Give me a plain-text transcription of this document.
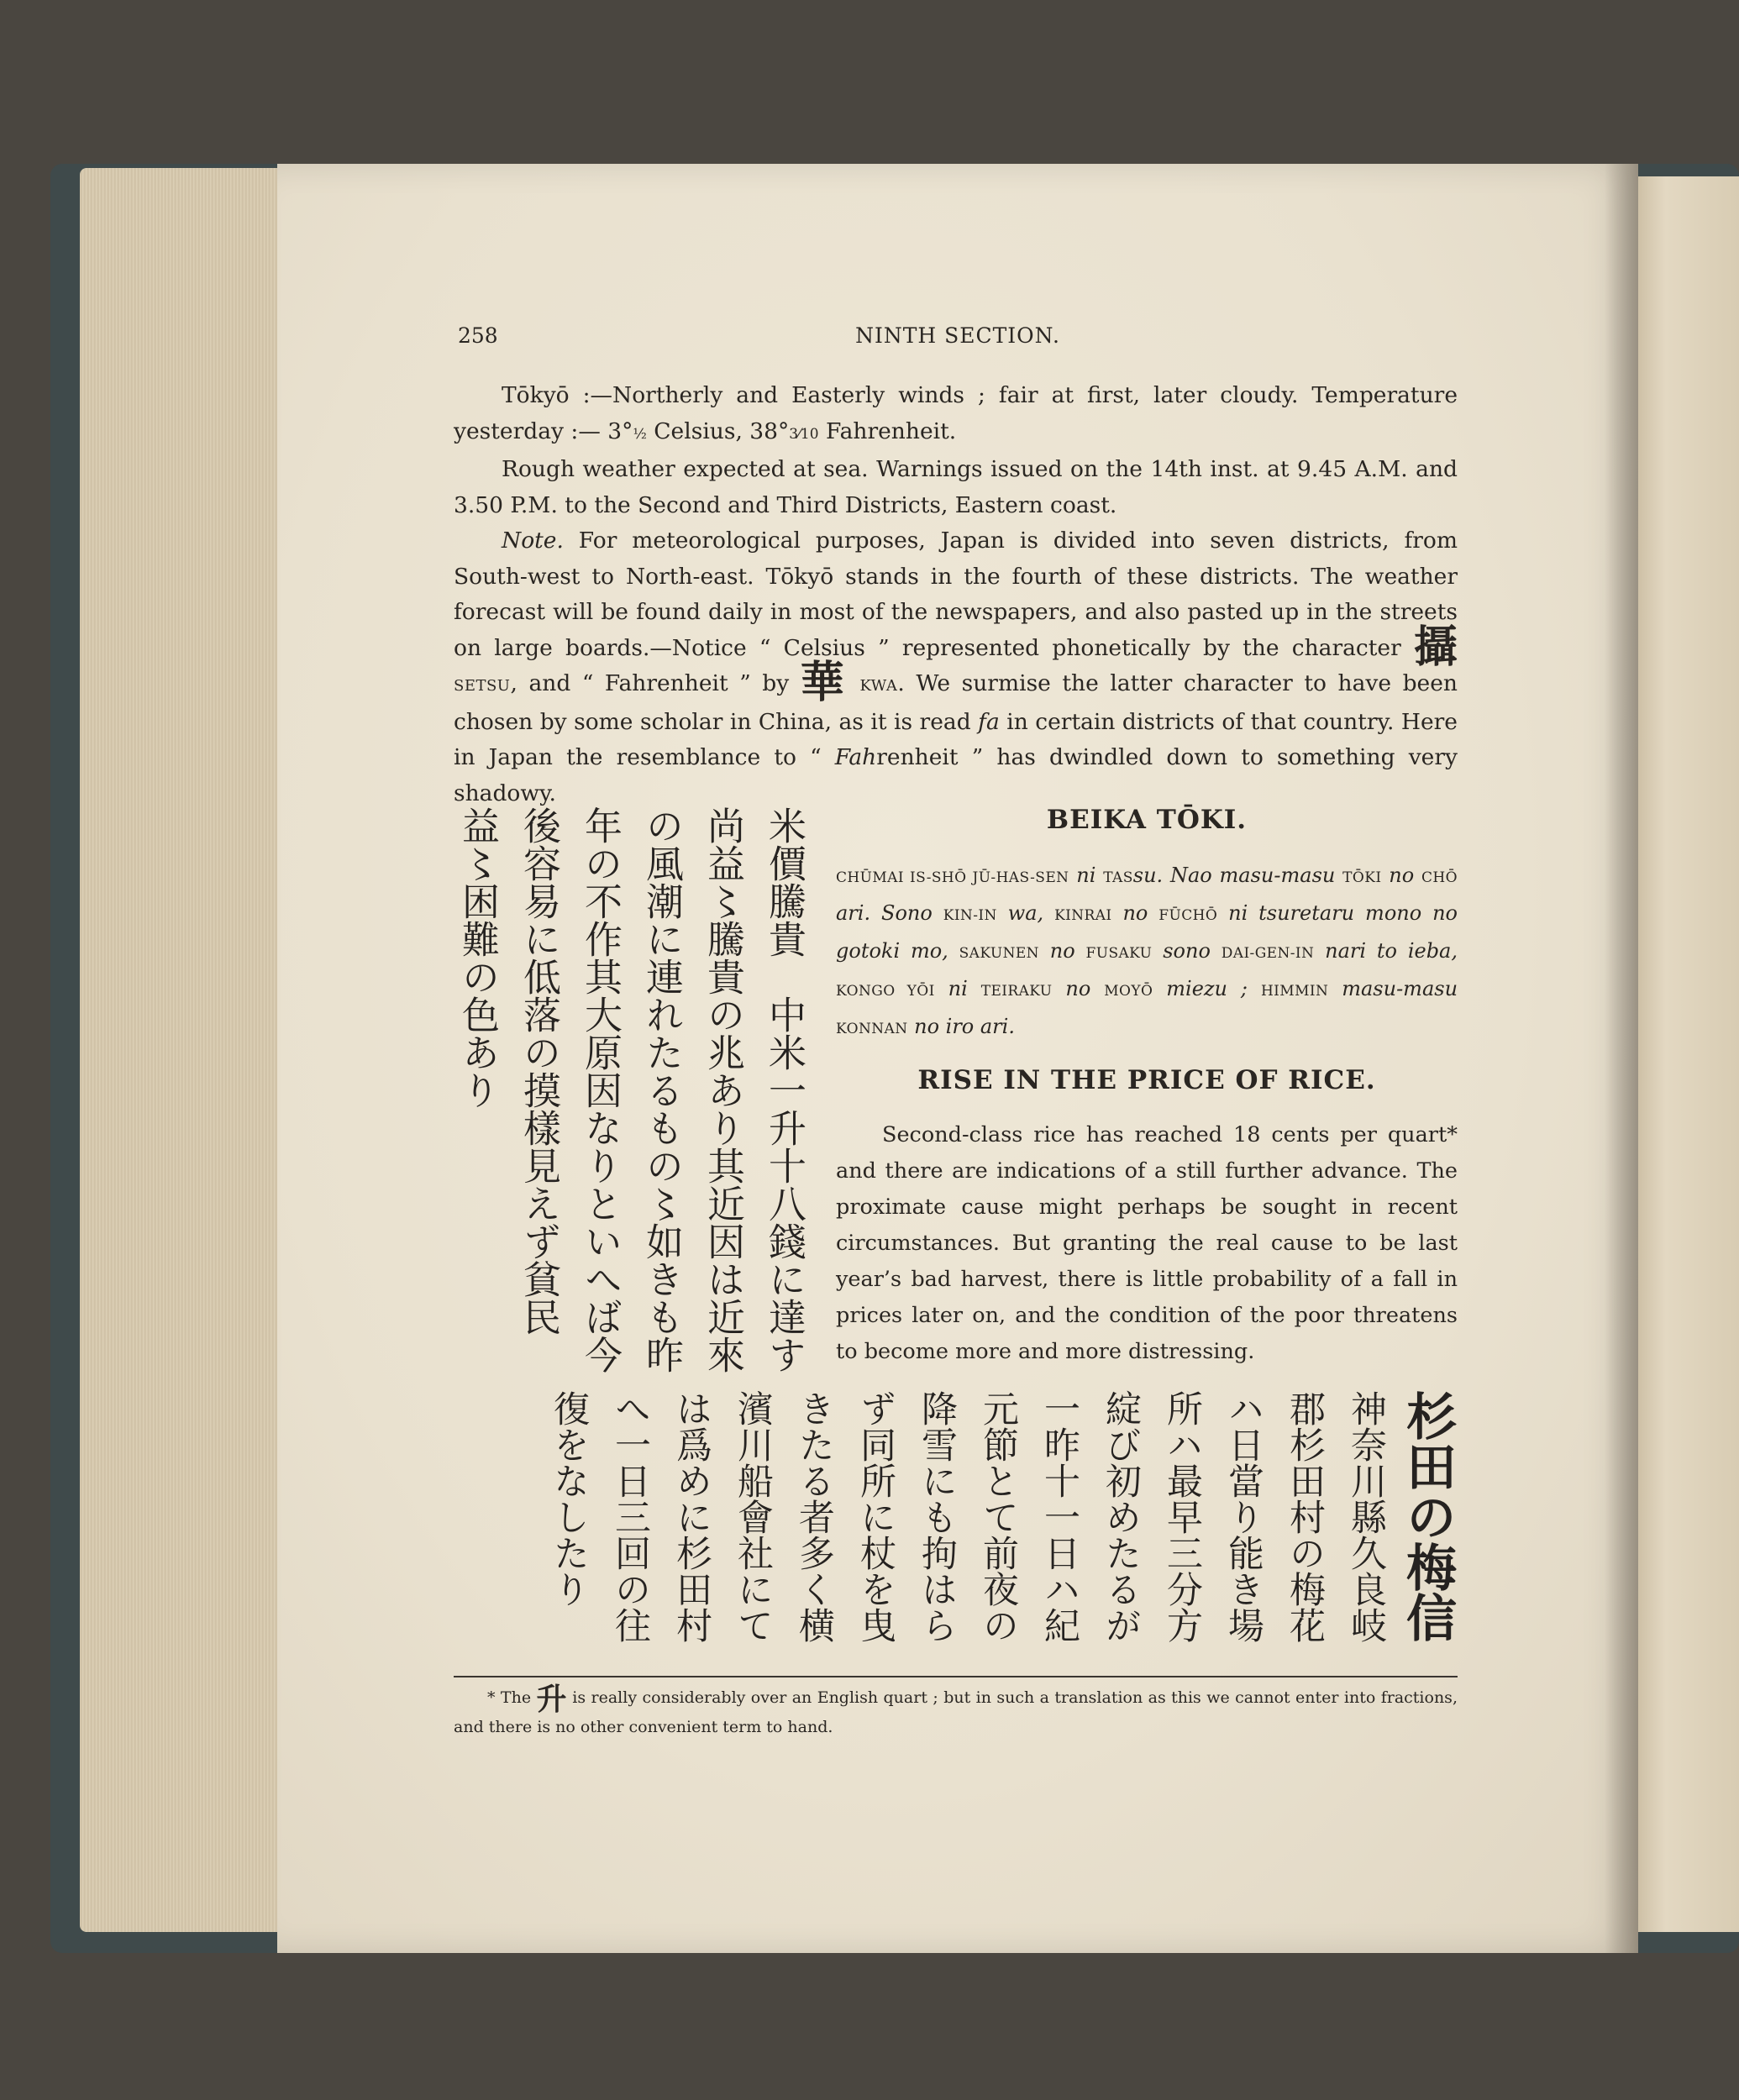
258	NINTH SECTION.

Tōkyō :—Northerly and Easterly winds ; fair at first, later cloudy. Temperature yesterday :— 3°½ Celsius, 38°3⁄10 Fahrenheit.

Rough weather expected at sea. Warnings issued on the 14th inst. at 9.45 A.M. and 3.50 P.M. to the Second and Third Districts, Eastern coast.

Note. For meteorological purposes, Japan is divided into seven districts, from South-west to North-east. Tōkyō stands in the fourth of these districts. The weather forecast will be found daily in most of the newspapers, and also pasted up in the streets on large boards.—Notice “ Celsius ” represented phonetically by the character 攝 SETSU, and “ Fahrenheit ” by 華 KWA. We surmise the latter character to have been chosen by some scholar in China, as it is read fa in certain districts of that country. Here in Japan the resemblance to “ Fahrenheit ” has dwindled down to something very shadowy.

米價騰貴　中米一升十八錢に達す尚益〻騰貴の兆あり其近因は近來の風潮に連れたるもの〻如きも昨年の不作其大原因なりといへば今後容易に低落の摸樣見えず貧民益〻困難の色あり	BEIKA TŌKI.

CHŪMAI IS-SHŌ JŪ-HAS-SEN ni TASsu. Nao masu-masu TŌKI no CHŌ ari. Sono KIN-IN wa, KINRAI no FŪCHŌ ni tsuretaru mono no gotoki mo, SAKUNEN no FUSAKU sono DAI-GEN-IN nari to ieba, KONGO YŌI ni TEIRAKU no MOYŌ miezu ; HIMMIN masu-masu KONNAN no iro ari.

RISE IN THE PRICE OF RICE.

Second-class rice has reached 18 cents per quart* and there are indications of a still further advance. The proximate cause might perhaps be sought in recent circumstances. But granting the real cause to be last year’s bad harvest, there is little probability of a fall in prices later on, and the condition of the poor threatens to become more and more distressing.

杉田の梅信 神奈川縣久良岐郡杉田村の梅花ハ日當り能き場所ハ最早三分方綻び初めたるが一昨十一日ハ紀元節とて前夜の降雪にも拘はらず同所に杖を曳きたる者多く横濱川船會社にては爲めに杉田村へ一日三回の往復をなしたり

* The 升 is really considerably over an English quart ; but in such a translation as this we cannot enter into fractions, and there is no other convenient term to hand.
